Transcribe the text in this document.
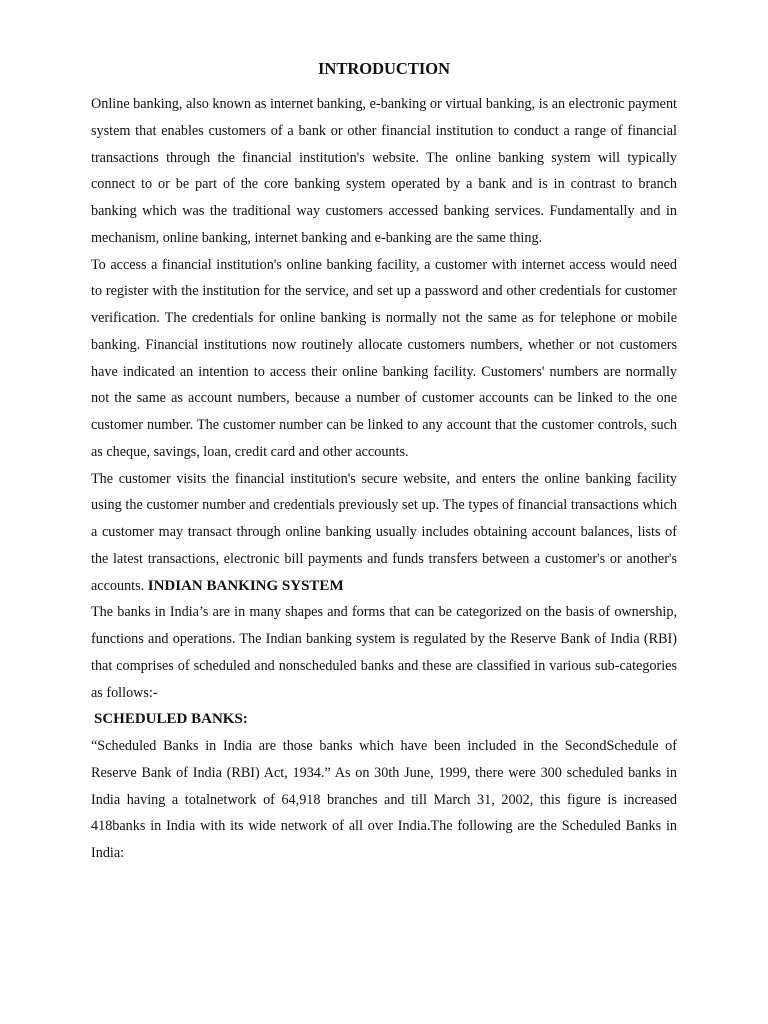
INTRODUCTION

Online banking, also known as internet banking, e-banking or virtual banking, is an electronic payment system that enables customers of a bank or other financial institution to conduct a range of financial transactions through the financial institution's website. The online banking system will typically connect to or be part of the core banking system operated by a bank and is in contrast to branch banking which was the traditional way customers accessed banking services. Fundamentally and in mechanism, online banking, internet banking and e-banking are the same thing.

To access a financial institution's online banking facility, a customer with internet access would need to register with the institution for the service, and set up a password and other credentials for customer verification. The credentials for online banking is normally not the same as for telephone or mobile banking. Financial institutions now routinely allocate customers numbers, whether or not customers have indicated an intention to access their online banking facility. Customers' numbers are normally not the same as account numbers, because a number of customer accounts can be linked to the one customer number. The customer number can be linked to any account that the customer controls, such as cheque, savings, loan, credit card and other accounts.

The customer visits the financial institution's secure website, and enters the online banking facility using the customer number and credentials previously set up. The types of financial transactions which a customer may transact through online banking usually includes obtaining account balances, lists of the latest transactions, electronic bill payments and funds transfers between a customer's or another's accounts. INDIAN BANKING SYSTEM

The banks in India’s are in many shapes and forms that can be categorized on the basis of ownership, functions and operations. The Indian banking system is regulated by the Reserve Bank of India (RBI) that comprises of scheduled and nonscheduled banks and these are classified in various sub-categories as follows:-

SCHEDULED BANKS:

“Scheduled Banks in India are those banks which have been included in the SecondSchedule of Reserve Bank of India (RBI) Act, 1934.” As on 30th June, 1999, there were 300 scheduled banks in India having a totalnetwork of 64,918 branches and till March 31, 2002, this figure is increased 418banks in India with its wide network of all over India.The following are the Scheduled Banks in India:
